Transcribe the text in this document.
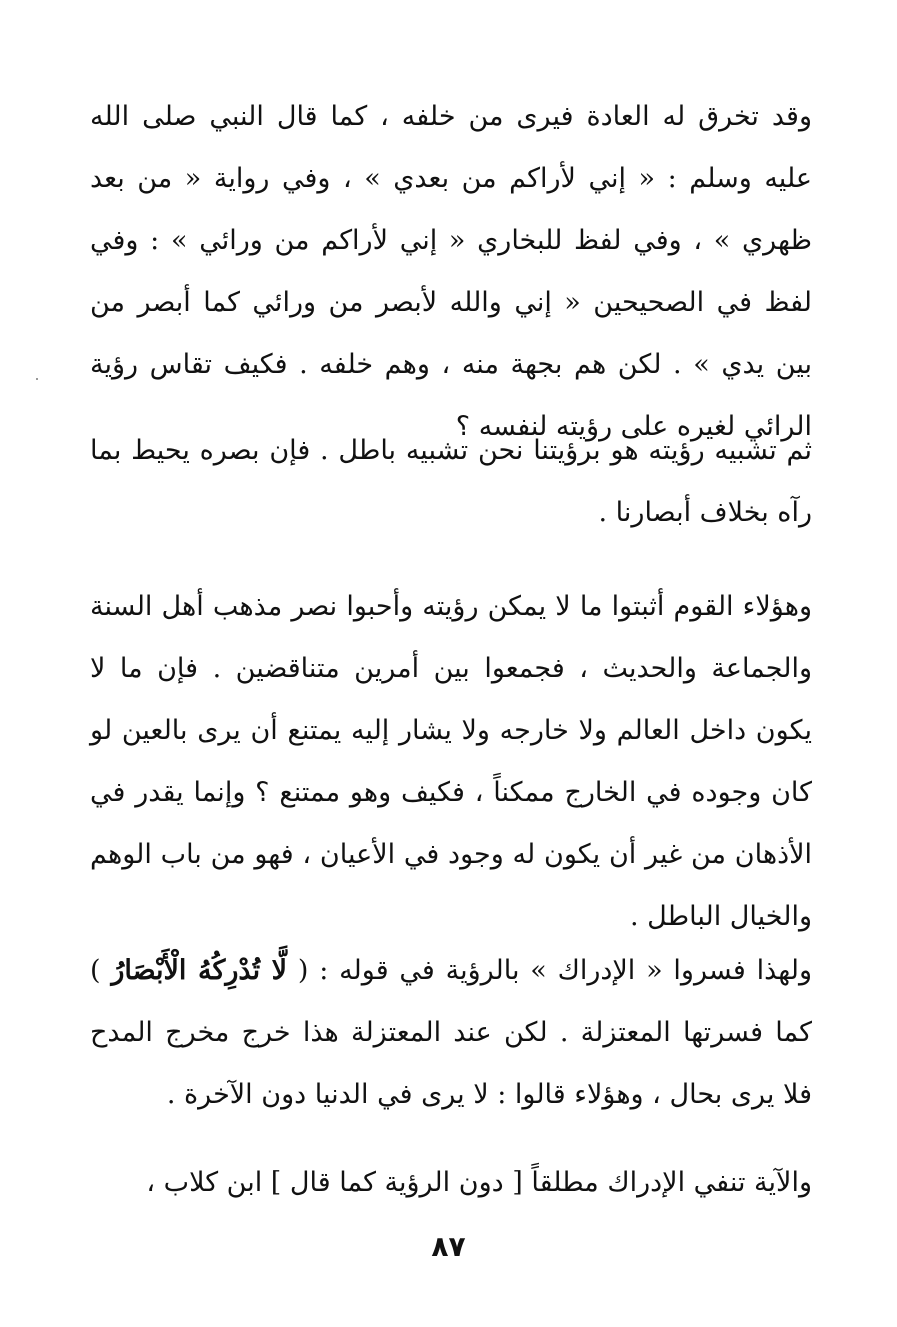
وقد تخرق له العادة فيرى من خلفه ، كما قال النبي صلى الله عليه وسلم : « إني لأراكم من بعدي » ، وفي رواية « من بعد ظهري » ، وفي لفظ للبخاري « إني لأراكم من ورائي » : وفي لفظ في الصحيحين « إني والله لأبصر من ورائي كما أبصر من بين يدي » . لكن هم بجهة منه ، وهم خلفه . فكيف تقاس رؤية الرائي لغيره على رؤيته لنفسه ؟

ثم تشبيه رؤيته هو برؤيتنا نحن تشبيه باطل . فإن بصره يحيط بما رآه بخلاف أبصارنا .

وهؤلاء القوم أثبتوا ما لا يمكن رؤيته وأحبوا نصر مذهب أهل السنة والجماعة والحديث ، فجمعوا بين أمرين متناقضين . فإن ما لا يكون داخل العالم ولا خارجه ولا يشار إليه يمتنع أن يرى بالعين لو كان وجوده في الخارج ممكناً ، فكيف وهو ممتنع ؟ وإنما يقدر في الأذهان من غير أن يكون له وجود في الأعيان ، فهو من باب الوهم والخيال الباطل .

ولهذا فسروا « الإدراك » بالرؤية في قوله : ( لَّا تُدْرِكُهُ الْأَبْصَارُ ) كما فسرتها المعتزلة . لكن عند المعتزلة هذا خرج مخرج المدح فلا يرى بحال ، وهؤلاء قالوا : لا يرى في الدنيا دون الآخرة .

والآية تنفي الإدراك مطلقاً [ دون الرؤية كما قال ] ابن كلاب ،

٨٧
